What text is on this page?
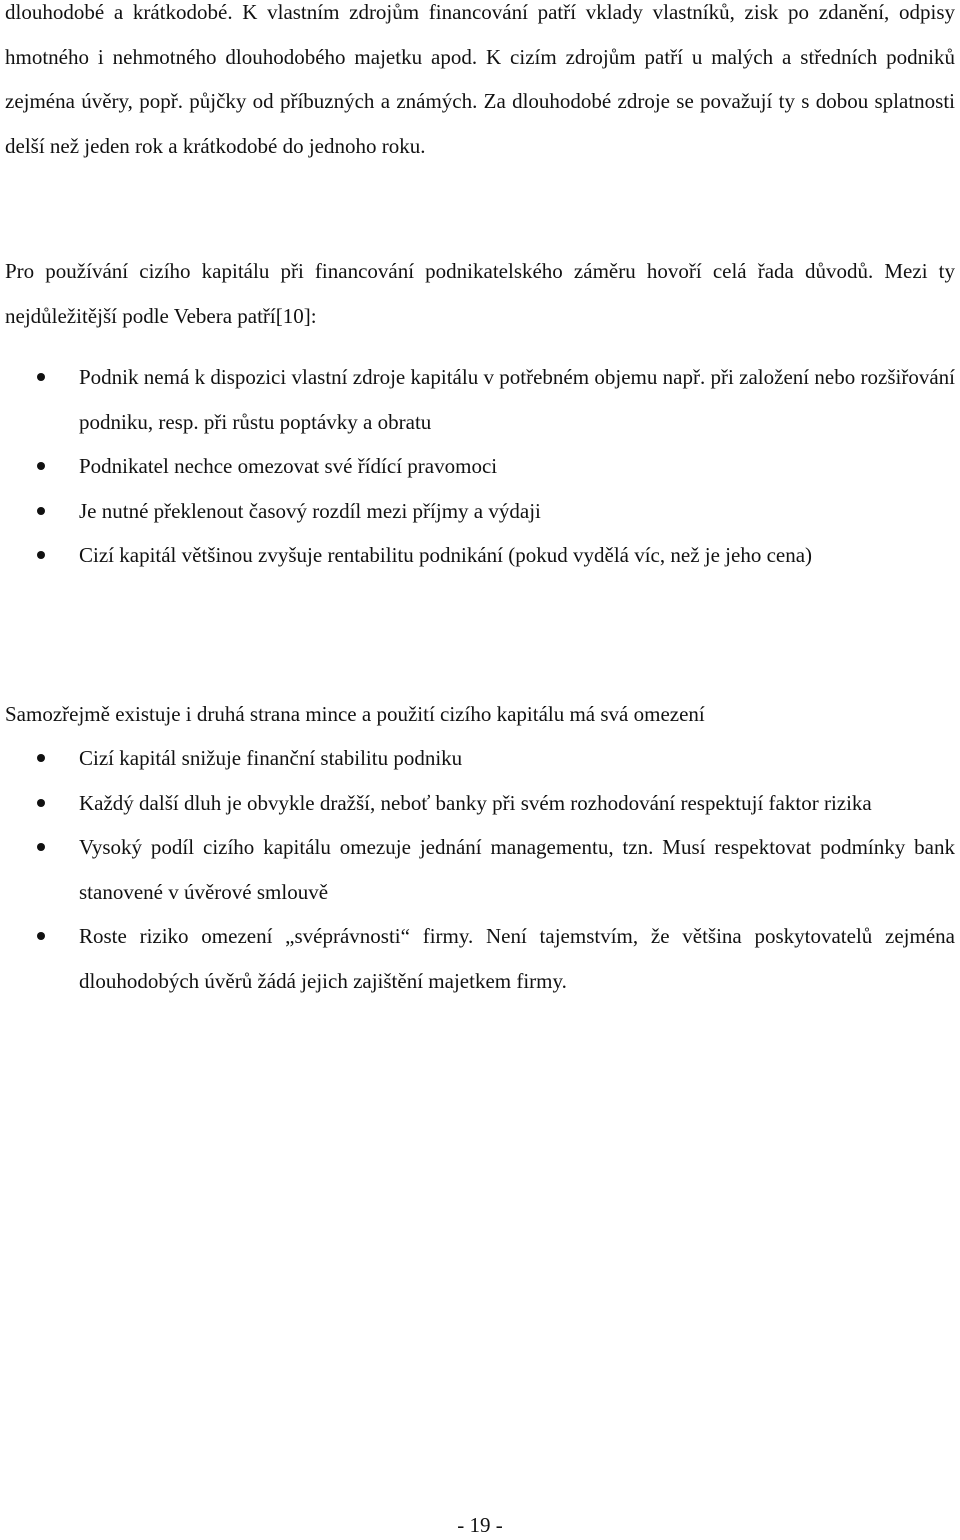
dlouhodobé a krátkodobé. K vlastním zdrojům financování patří vklady vlastníků, zisk po zdanění, odpisy hmotného i nehmotného dlouhodobého majetku apod. K cizím zdrojům patří u malých a středních podniků zejména úvěry, popř. půjčky od příbuzných a známých. Za dlouhodobé zdroje se považují ty s dobou splatnosti delší než jeden rok a krátkodobé do jednoho roku.

Pro používání cizího kapitálu při financování podnikatelského záměru hovoří celá řada důvodů. Mezi ty nejdůležitější podle Vebera patří[10]:

Podnik nemá k dispozici vlastní zdroje kapitálu v potřebném objemu např. při založení nebo rozšiřování podniku, resp. při růstu poptávky a obratu
Podnikatel nechce omezovat své řídící pravomoci
Je nutné překlenout časový rozdíl mezi příjmy a výdaji
Cizí kapitál většinou zvyšuje rentabilitu podnikání (pokud vydělá víc, než je jeho cena)

Samozřejmě existuje i druhá strana mince a použití cizího kapitálu má svá omezení

Cizí kapitál snižuje finanční stabilitu podniku
Každý další dluh je obvykle dražší, neboť banky při svém rozhodování respektují faktor rizika
Vysoký podíl cizího kapitálu omezuje jednání managementu, tzn. Musí respektovat podmínky bank stanovené v úvěrové smlouvě
Roste riziko omezení „svéprávnosti“ firmy. Není tajemstvím, že většina poskytovatelů zejména dlouhodobých úvěrů žádá jejich zajištění majetkem firmy.
- 19 -
